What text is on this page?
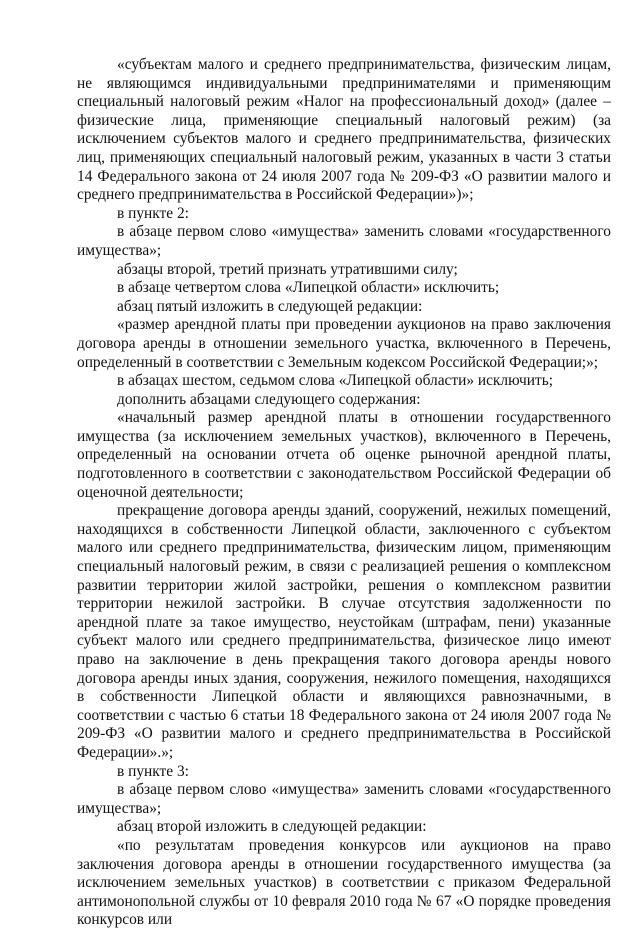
«субъектам малого и среднего предпринимательства, физическим лицам, не являющимся индивидуальными предпринимателями и применяющим специальный налоговый режим «Налог на профессиональный доход» (далее – физические лица, применяющие специальный налоговый режим) (за исключением субъектов малого и среднего предпринимательства, физических лиц, применяющих специальный налоговый режим, указанных в части 3 статьи 14 Федерального закона от 24 июля 2007 года № 209-ФЗ «О развитии малого и среднего предпринимательства в Российской Федерации»)»;

в пункте 2:

в абзаце первом слово «имущества» заменить словами «государственного имущества»;

абзацы второй, третий признать утратившими силу;

в абзаце четвертом слова «Липецкой области» исключить;

абзац пятый изложить в следующей редакции:

«размер арендной платы при проведении аукционов на право заключения договора аренды в отношении земельного участка, включенного в Перечень, определенный в соответствии с Земельным кодексом Российской Федерации;»;

в абзацах шестом, седьмом слова «Липецкой области» исключить;

дополнить абзацами следующего содержания:

«начальный размер арендной платы в отношении государственного имущества (за исключением земельных участков), включенного в Перечень, определенный на основании отчета об оценке рыночной арендной платы, подготовленного в соответствии с законодательством Российской Федерации об оценочной деятельности;

прекращение договора аренды зданий, сооружений, нежилых помещений, находящихся в собственности Липецкой области, заключенного с субъектом малого или среднего предпринимательства, физическим лицом, применяющим специальный налоговый режим, в связи с реализацией решения о комплексном развитии территории жилой застройки, решения о комплексном развитии территории нежилой застройки. В случае отсутствия задолженности по арендной плате за такое имущество, неустойкам (штрафам, пени) указанные субъект малого или среднего предпринимательства, физическое лицо имеют право на заключение в день прекращения такого договора аренды нового договора аренды иных здания, сооружения, нежилого помещения, находящихся в собственности Липецкой области и являющихся равнозначными, в соответствии с частью 6 статьи 18 Федерального закона от 24 июля 2007 года № 209-ФЗ «О развитии малого и среднего предпринимательства в Российской Федерации».»;

в пункте 3:

в абзаце первом слово «имущества» заменить словами «государственного имущества»;

абзац второй изложить в следующей редакции:

«по результатам проведения конкурсов или аукционов на право заключения договора аренды в отношении государственного имущества (за исключением земельных участков) в соответствии с приказом Федеральной антимонопольной службы от 10 февраля 2010 года № 67 «О порядке проведения конкурсов или
